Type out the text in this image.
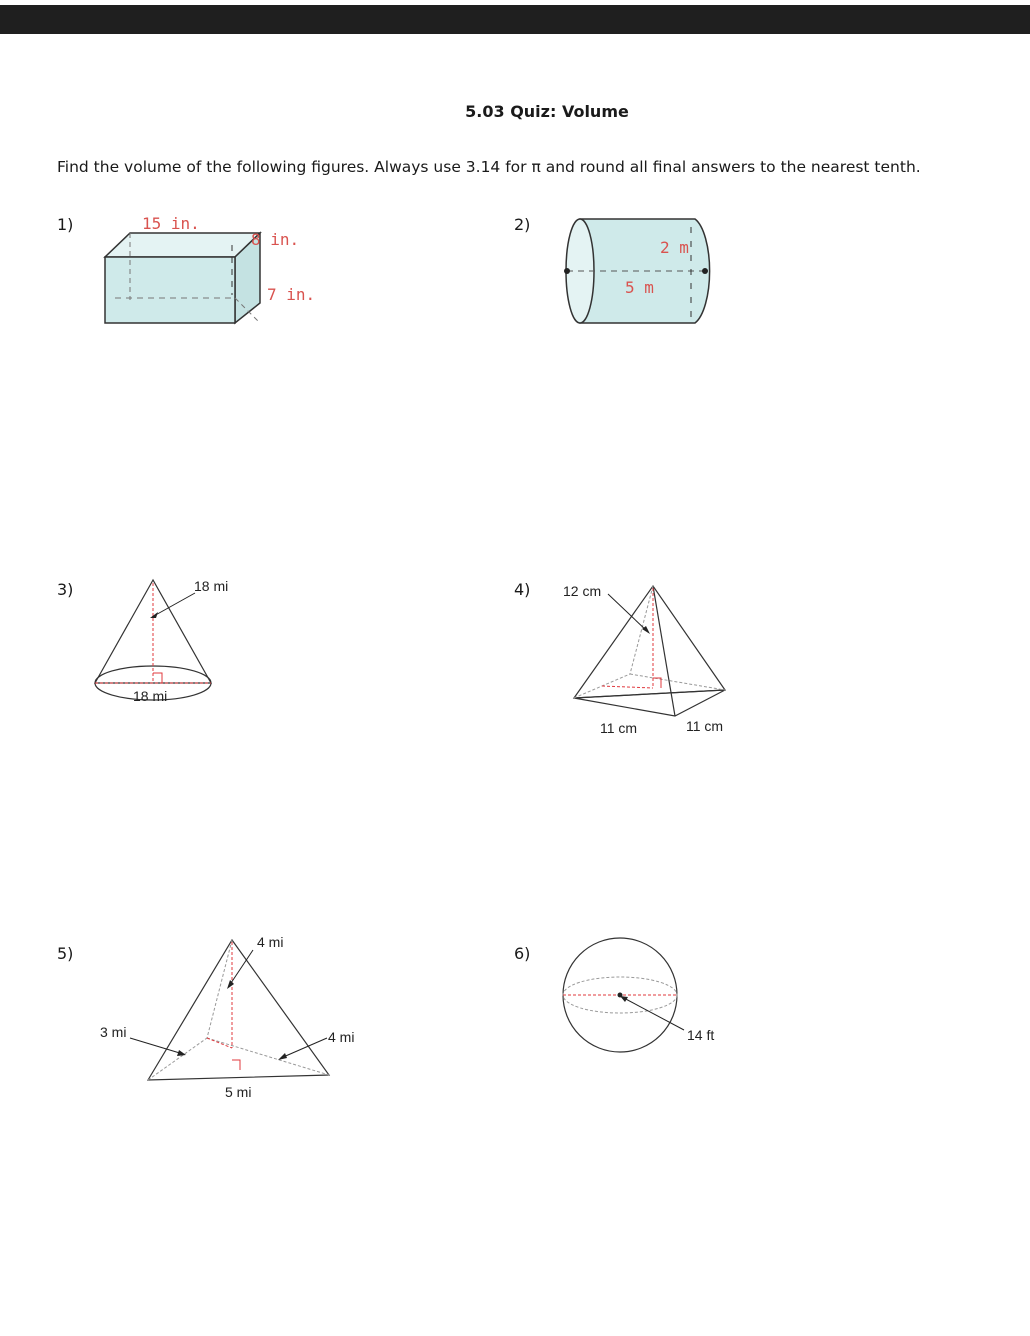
5.03 Quiz: Volume
Find the volume of the following figures. Always use 3.14 for π and round all final answers to the nearest tenth.
1)	2)
3)	4)
5)	6)
15 in.
8 in.
7 in.
2 m
5 m
18 mi
18 mi
12 cm
11 cm	11 cm
4 mi
3 mi	4 mi
5 mi
14 ft
